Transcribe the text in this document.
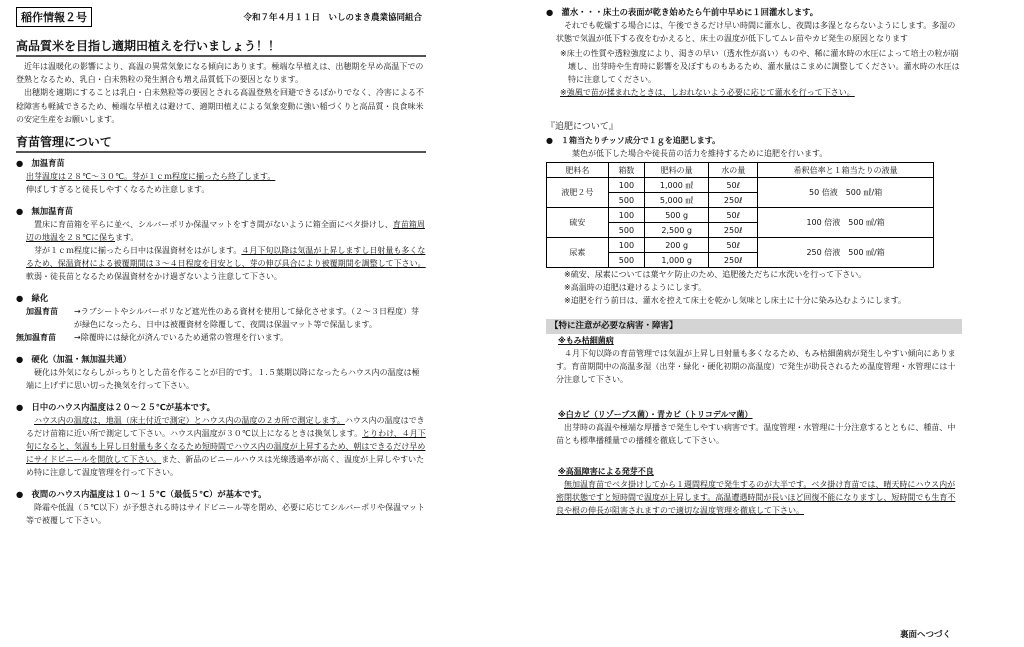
稲作情報２号	令和７年４月１１日　いしのまき農業協同組合
高品質米を目指し適期田植えを行いましょう！！

近年は温暖化の影響により、高温の異常気象になる傾向にあります。極端な早植えは、出穂期を早め高温下での登熟となるため、乳白・白未熟粒の発生割合も増え品質低下の要因となります。

出穂期を適期にすることは乳白・白未熟粒等の要因とされる高温登熟を回避できるばかりでなく、冷害による不稔障害も軽減できるため、極端な早植えは避けて、適期田植えによる気象変動に強い稲づくりと高品質・良食味米の安定生産をお願いします。

育苗管理について
●　加温育苗
出芽温度は２８℃～３０℃。芽が１ｃｍ程度に揃ったら終了します。
伸ばしすぎると徒長しやすくなるため注意します。
●　無加温育苗
置床に育苗箱を平らに並べ、シルバーポリか保温マットをすき間がないように箱全面にベタ掛けし、育苗箱周辺の地温を２８℃に保ちます。
芽が１ｃｍ程度に揃ったら日中は保温資材をはがします。４月下旬以降は気温が上昇しますし日射量も多くなるため、保温資材による被覆期間は３～４日程度を目安とし、芽の伸び具合により被覆期間を調整して下さい。軟弱・徒長苗となるため保温資材をかけ過ぎないよう注意して下さい。
●　緑化
加温育苗	→ラブシートやシルバーポリなど遮光性のある資材を使用して緑化させます。（２～３日程度）芽が緑色になったら、日中は被覆資材を除覆して、夜間は保温マット等で保温します。
無加温育苗	→除覆時には緑化が済んでいるため通常の管理を行います。
●　硬化（加温・無加温共通）
硬化は外気にならしがっちりとした苗を作ることが目的です。１.５葉期以降になったらハウス内の温度は極端に上げずに思い切った換気を行って下さい。
●　日中のハウス内温度は２０～２５℃が基本です。
ハウス内の温度は、地温（床土付近で測定）とハウス内の温度の２カ所で測定します。ハウス内の温度はできるだけ苗箱に近い所で測定して下さい。ハウス内温度が３０℃以上になるときは換気します。とりわけ、４月下旬になると、気温も上昇し日射量も多くなるため短時間でハウス内の温度が上昇するため、朝はできるだけ早めにサイドビニールを開放して下さい。また、新品のビニールハウスは光線透過率が高く、温度が上昇しやすいため特に注意して温度管理を行って下さい。
●　夜間のハウス内温度は１０～１５℃（最低５℃）が基本です。
降霜や低温（５℃以下）が予想される時はサイドビニール等を閉め、必要に応じてシルバーポリや保温マット等で被覆して下さい。
●　灌水・・・床土の表面が乾き始めたら午前中早めに１回灌水します。
それでも乾燥する場合には、午後できるだけ早い時間に灌水し、夜間は多湿とならないようにします。多湿の状態で気温が低下する夜をむかえると、床土の温度が低下してムレ苗やカビ発生の原因となります
※床土の性質や透粒強度により、渇きの早い（透水性が高い）ものや、稀に灌水時の水圧によって培土の粒が崩壊し、出芽時や生育時に影響を及ぼすものもあるため、灌水量はこまめに調整してください。灌水時の水圧は特に注意してください。
※強風で苗が揉まれたときは、しおれないよう必要に応じて灌水を行って下さい。
『追肥について』
●　１箱当たりチッソ成分で１ｇを追肥します。
葉色が低下した場合や徒長苗の活力を維持するために追肥を行います。
肥料名	箱数	肥料の量	水の量	希釈倍率と１箱当たりの液量
液肥２号	100	1,000 ㎖	50ℓ	50 倍液　500 ㎖/箱
	500	5,000 ㎖	250ℓ	
硫安	100	500 g	50ℓ	100 倍液　500 ㎖/箱
	500	2,500 g	250ℓ	
尿素	100	200 g	50ℓ	250 倍液　500 ㎖/箱
	500	1,000 g	250ℓ	
※硫安、尿素については葉ヤケ防止のため、追肥後ただちに水洗いを行って下さい。
※高温時の追肥は避けるようにします。
※追肥を行う前日は、灌水を控えて床土を乾かし気味とし床土に十分に染み込むようにします。
【特に注意が必要な病害・障害】
※もみ枯細菌病
４月下旬以降の育苗管理では気温が上昇し日射量も多くなるため、もみ枯細菌病が発生しやすい傾向にあります。育苗期間中の高温多湿（出芽・緑化・硬化初期の高温度）で発生が助長されるため温度管理・水管理には十分注意して下さい。
※白カビ（リゾープス菌）・青カビ（トリコデルマ菌）
出芽時の高温や極端な厚播きで発生しやすい病害です。温度管理・水管理に十分注意するとともに、種苗、中苗とも標準播種量での播種を徹底して下さい。
※高温障害による発芽不良
無加温育苗でベタ掛けしてから１週間程度で発生するのが大半です。ベタ掛け育苗では、晴天時にハウス内が密閉状態ですと短時間で温度が上昇します。高温遭遇時間が長いほど回復不能になりますし、短時間でも生育不良や根の伸長が阻害されますので適切な温度管理を徹底して下さい。
裏面へつづく
